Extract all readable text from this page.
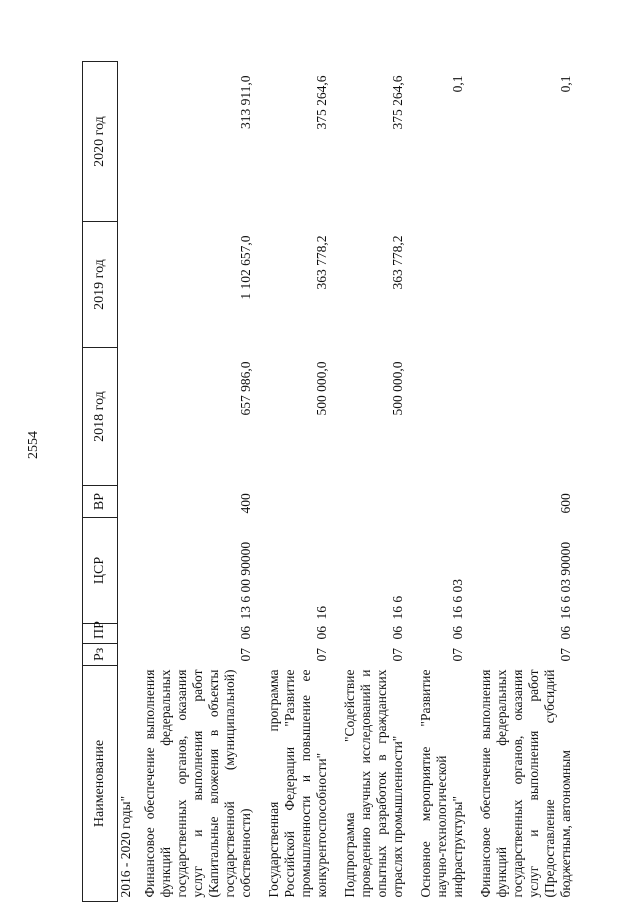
2554
Наименование	Рз	ПР	ЦСР	ВР	2018 год	2019 год	2020 год
2016 - 2020 годы"							
Финансовое обеспечение выполнения функций федеральных государственных органов, оказания услуг и выполнения работ (Капитальные вложения в объекты государственной (муниципальной) собственности)	07	06	13 6 00 90000	400	657 986,0	1 102 657,0	313 911,0
Государственная программа Российской Федерации "Развитие промышленности и повышение ее конкурентоспособности"	07	06	16		500 000,0	363 778,2	375 264,6
Подпрограмма "Содействие проведению научных исследований и опытных разработок в гражданских отраслях промышленности"	07	06	16 6		500 000,0	363 778,2	375 264,6
Основное мероприятие "Развитие научно-технологической инфраструктуры"	07	06	16 6 03				0,1
Финансовое обеспечение выполнения функций федеральных государственных органов, оказания услуг и выполнения работ (Предоставление субсидий бюджетным, автономным	07	06	16 6 03 90000	600			0,1
